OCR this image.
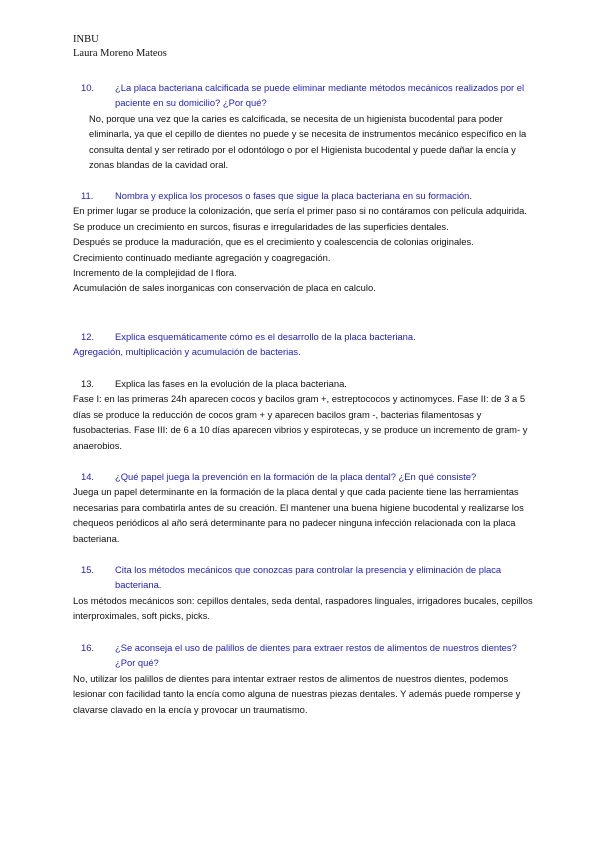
INBU
Laura Moreno Mateos
10. ¿La placa bacteriana calcificada se puede eliminar mediante métodos mecánicos realizados por el paciente en su domicilio? ¿Por qué?

No, porque una vez que la caries es calcificada, se necesita de un higienista bucodental para poder eliminarla, ya que el cepillo de dientes no puede y se necesita de instrumentos mecánico específico en la consulta dental y ser retirado por el odontólogo o por el Higienista bucodental y puede dañar la encía y zonas blandas de la cavidad oral.

11. Nombra y explica los procesos o fases que sigue la placa bacteriana en su formación.

En primer lugar se produce la colonización, que sería el primer paso si no contáramos con película adquirida. Se produce un crecimiento en surcos, fisuras e irregularidades de las superficies dentales.

Después se produce la maduración, que es el crecimiento y coalescencia de colonias originales.

Crecimiento continuado mediante agregación y coagregación.

Incremento de la complejidad de l flora.

Acumulación de sales inorganicas con conservación de placa en calculo.

12. Explica esquemáticamente cómo es el desarrollo de la placa bacteriana.

Agregación, multiplicación y acumulación de bacterias.

13. Explica las fases en la evolución de la placa bacteriana.

Fase I: en las primeras 24h aparecen cocos y bacilos gram +, estreptococos y actinomyces. Fase II: de 3 a 5 días se produce la reducción de cocos gram + y aparecen bacilos gram -, bacterias filamentosas y fusobacterias. Fase III: de 6 a 10 días aparecen vibrios y espirotecas, y se produce un incremento de gram- y anaerobios.

14. ¿Qué papel juega la prevención en la formación de la placa dental? ¿En qué consiste?

Juega un papel determinante en la formación de la placa dental y que cada paciente tiene las herramientas necesarias para combatirla antes de su creación. El mantener una buena higiene bucodental y realizarse los chequeos periódicos al año será determinante para no padecer ninguna infección relacionada con la placa bacteriana.

15. Cita los métodos mecánicos que conozcas para controlar la presencia y eliminación de placa bacteriana.

Los métodos mecánicos son: cepillos dentales, seda dental, raspadores linguales, irrigadores bucales, cepillos interproximales, soft picks, picks.

16. ¿Se aconseja el uso de palillos de dientes para extraer restos de alimentos de nuestros dientes? ¿Por qué?

No, utilizar los palillos de dientes para intentar extraer restos de alimentos de nuestros dientes, podemos lesionar con facilidad tanto la encía como alguna de nuestras piezas dentales. Y además puede romperse y clavarse clavado en la encía y provocar un traumatismo.
